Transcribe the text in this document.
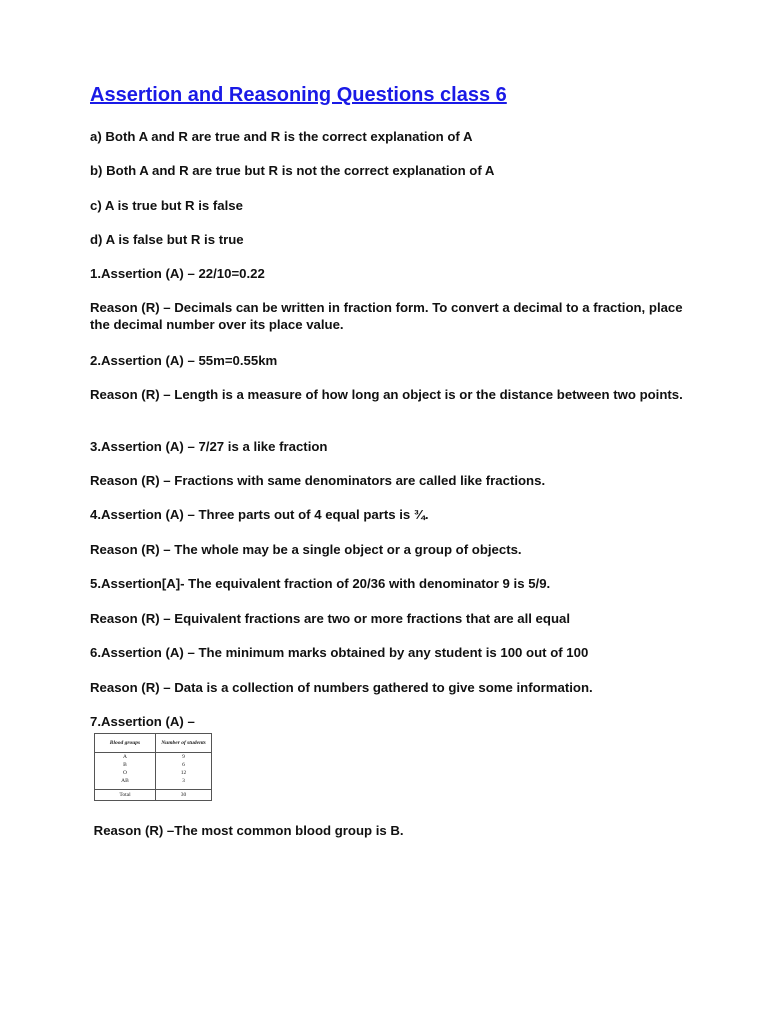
Assertion and Reasoning Questions class 6
a) Both A and R are true and R is the correct explanation of A
b) Both A and R are true but R is not the correct explanation of A
c) A is true but R is false
d) A is false but R is true
1.Assertion (A) – 22/10=0.22
Reason (R) – Decimals can be written in fraction form. To convert a decimal to a fraction, place the decimal number over its place value.
2.Assertion (A) – 55m=0.55km
Reason (R) – Length is a measure of how long an object is or the distance between two points.
3.Assertion (A) – 7/27 is a like fraction
Reason (R) – Fractions with same denominators are called like fractions.
4.Assertion (A) – Three parts out of 4 equal parts is ¾.
Reason (R) – The whole may be a single object or a group of objects.
5.Assertion[A]- The equivalent fraction of 20/36 with denominator 9 is 5/9.
Reason (R) – Equivalent fractions are two or more fractions that are all equal
6.Assertion (A) – The minimum marks obtained by any student is 100 out of 100
Reason (R) – Data is a collection of numbers gathered to give some information.
7.Assertion (A) –
Blood groups	Number of students
A	9
B	6
O	12
AB	3
Total	30
Reason (R) –The most common blood group is B.
